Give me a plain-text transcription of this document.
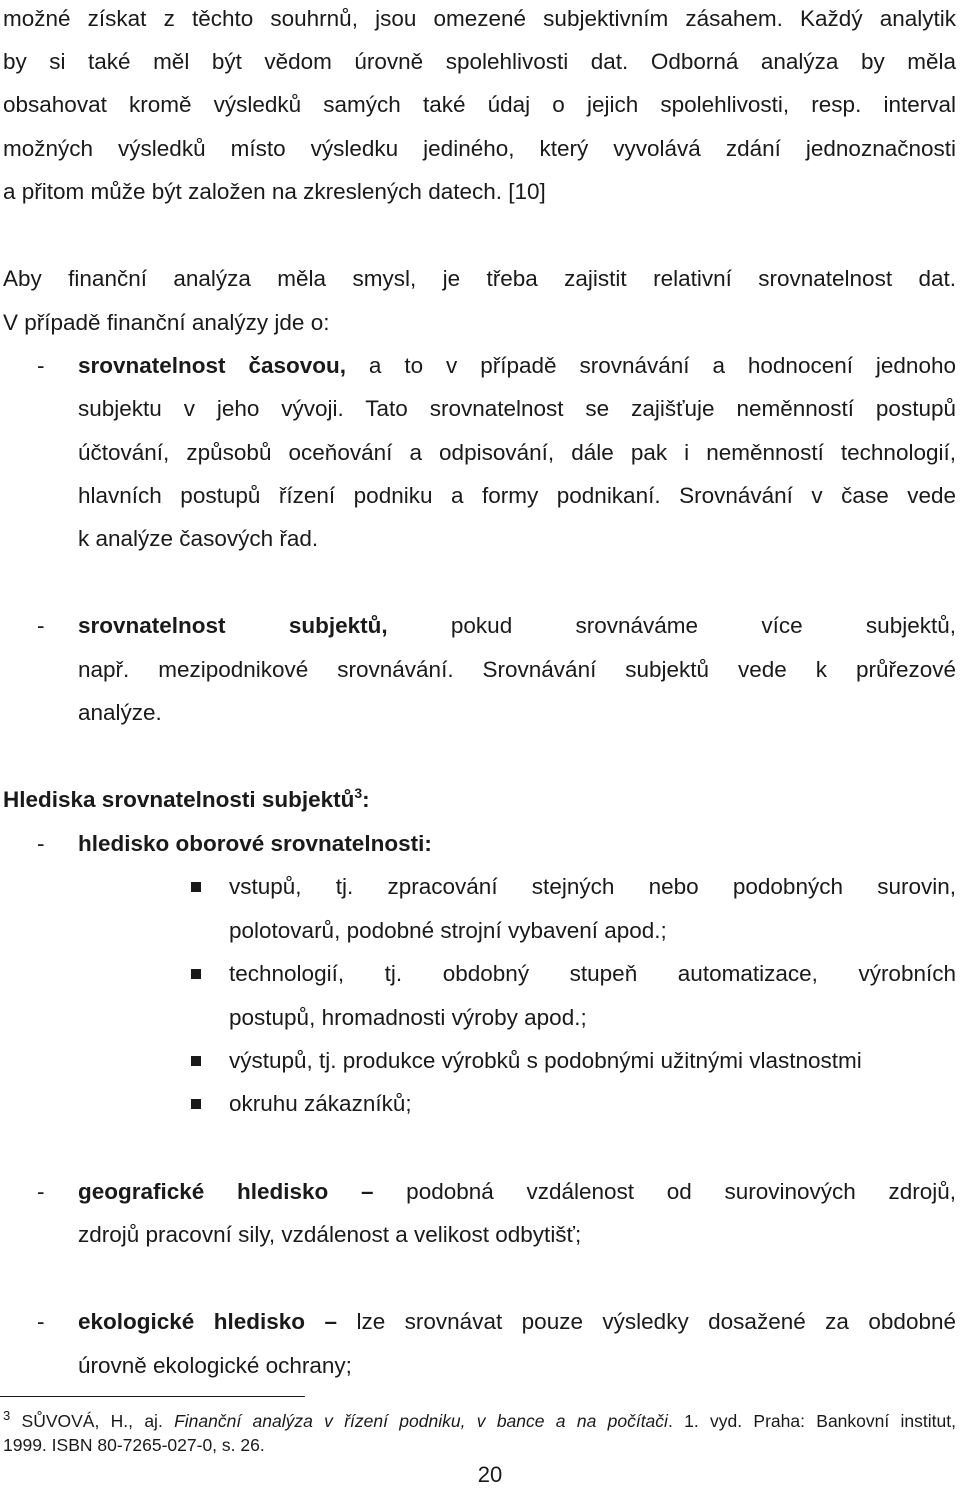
možné získat z těchto souhrnů, jsou omezené subjektivním zásahem. Každý analytik
by si také měl být vědom úrovně spolehlivosti dat. Odborná analýza by měla
obsahovat kromě výsledků samých také údaj o jejich spolehlivosti, resp. interval
možných výsledků místo výsledku jediného, který vyvolává zdání jednoznačnosti
a přitom může být založen na zkreslených datech. [10]
Aby finanční analýza měla smysl, je třeba zajistit relativní srovnatelnost dat.
V případě finanční analýzy jde o:
- srovnatelnost časovou, a to v případě srovnávání a hodnocení jednoho
subjektu v jeho vývoji. Tato srovnatelnost se zajišťuje neměnností postupů
účtování, způsobů oceňování a odpisování, dále pak i neměnností technologií,
hlavních postupů řízení podniku a formy podnikaní. Srovnávání v čase vede
k analýze časových řad.
- srovnatelnost subjektů, pokud srovnáváme více subjektů,
např. mezipodnikové srovnávání. Srovnávání subjektů vede k průřezové
analýze.
Hlediska srovnatelnosti subjektů$^3$:
- hledisko oborové srovnatelnosti:
vstupů, tj. zpracování stejných nebo podobných surovin,
polotovarů, podobné strojní vybavení apod.;
technologií, tj. obdobný stupeň automatizace, výrobních
postupů, hromadnosti výroby apod.;
výstupů, tj. produkce výrobků s podobnými užitnými vlastnostmi
okruhu zákazníků;
- geografické hledisko – podobná vzdálenost od surovinových zdrojů,
zdrojů pracovní sily, vzdálenost a velikost odbytišť;
- ekologické hledisko – lze srovnávat pouze výsledky dosažené za obdobné
úrovně ekologické ochrany;
$^3$ SŮVOVÁ, H., aj. Finanční analýza v řízení podniku, v bance a na počítači. 1. vyd. Praha: Bankovní institut,
1999. ISBN 80-7265-027-0, s. 26.
20
